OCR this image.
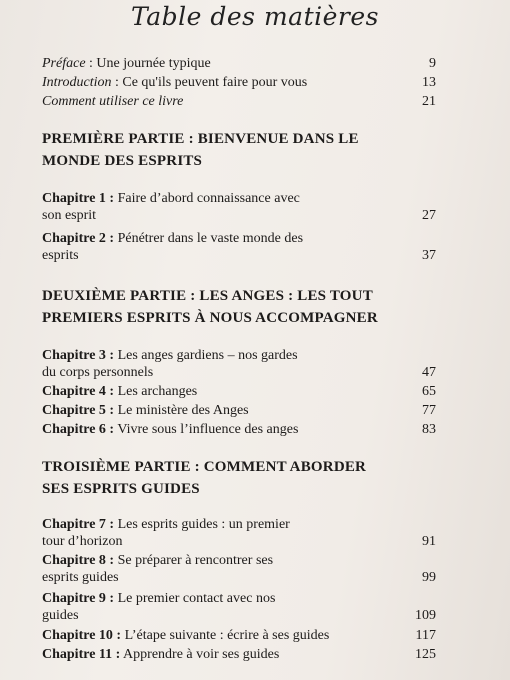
Table des matières
Préface : Une journée typique	9
Introduction : Ce qu'ils peuvent faire pour vous	13
Comment utiliser ce livre	21
PREMIÈRE PARTIE : BIENVENUE DANS LE
MONDE DES ESPRITS
Chapitre 1 : Faire d’abord connaissance avec
son esprit	27
Chapitre 2 : Pénétrer dans le vaste monde des
esprits	37
DEUXIÈME PARTIE : LES ANGES : LES TOUT
PREMIERS ESPRITS À NOUS ACCOMPAGNER
Chapitre 3 : Les anges gardiens – nos gardes
du corps personnels	47
Chapitre 4 : Les archanges	65
Chapitre 5 : Le ministère des Anges	77
Chapitre 6 : Vivre sous l’influence des anges	83
TROISIÈME PARTIE : COMMENT ABORDER
SES ESPRITS GUIDES
Chapitre 7 : Les esprits guides : un premier
tour d’horizon	91
Chapitre 8 : Se préparer à rencontrer ses
esprits guides	99
Chapitre 9 : Le premier contact avec nos
guides	109
Chapitre 10 : L’étape suivante : écrire à ses guides	117
Chapitre 11 : Apprendre à voir ses guides	125
